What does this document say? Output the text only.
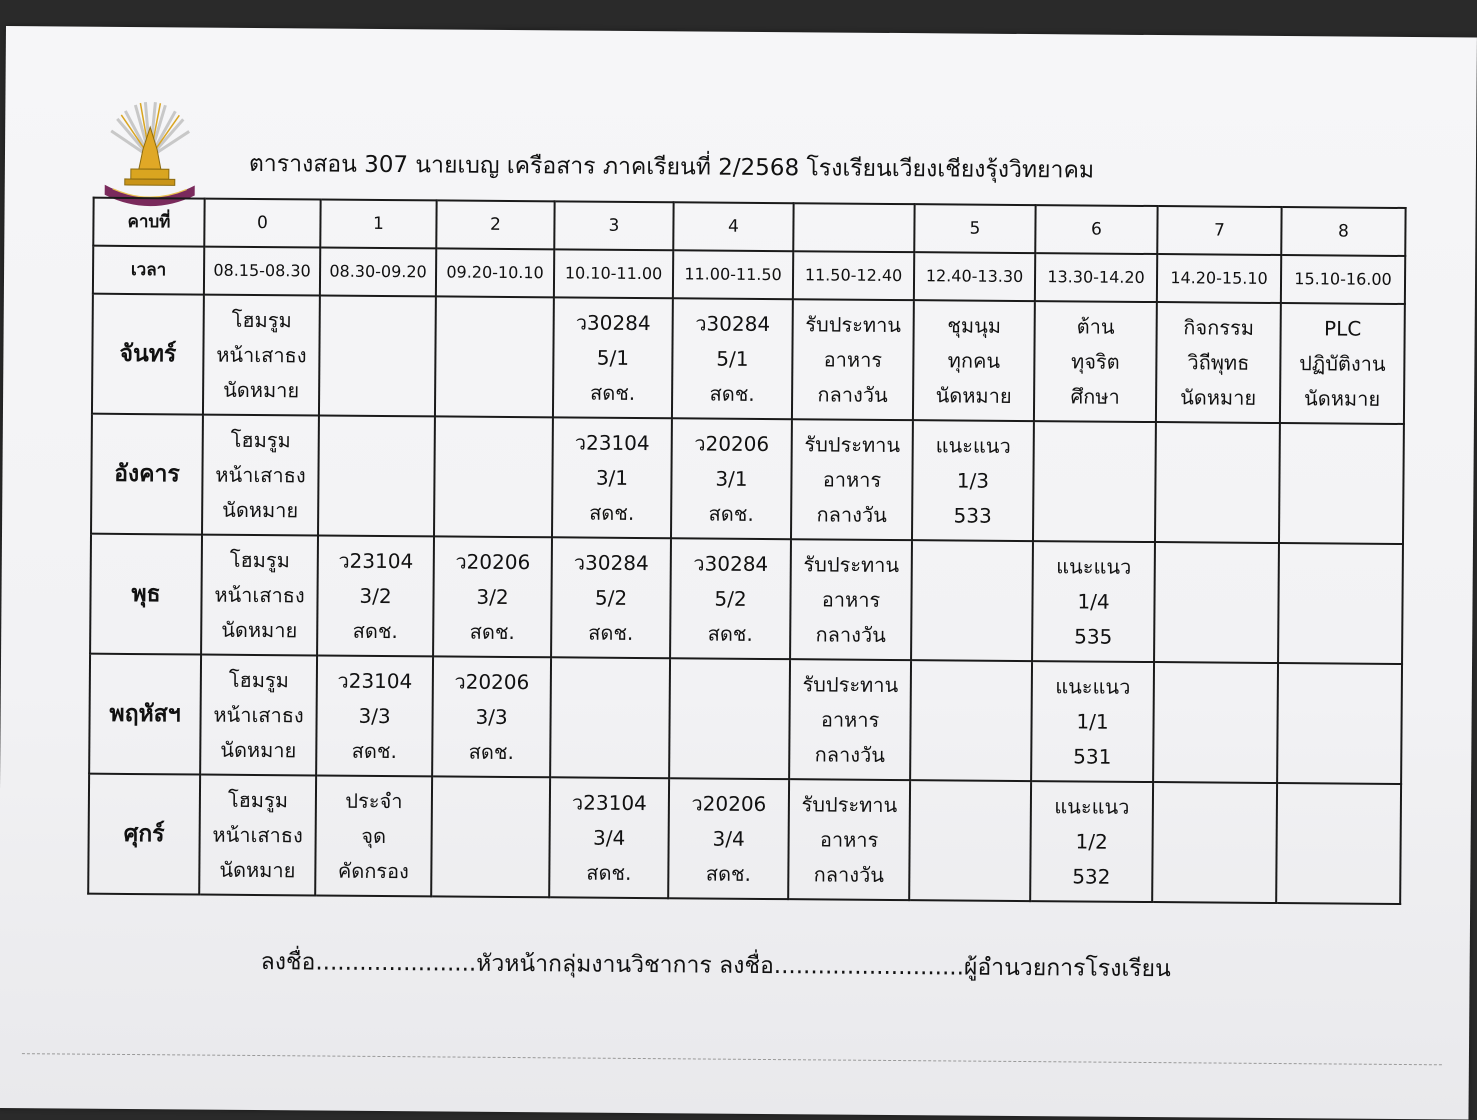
ตารางสอน 307 นายเบญ เครือสาร ภาคเรียนที่ 2/2568 โรงเรียนเวียงเชียงรุ้งวิทยาคม
คาบที่	0	1	2	3	4		5	6	7	8
เวลา	08.15-08.30	08.30-09.20	09.20-10.10	10.10-11.00	11.00-11.50	11.50-12.40	12.40-13.30	13.30-14.20	14.20-15.10	15.10-16.00
จันทร์	โฮมรูม
หน้าเสาธง
นัดหมาย			ว30284
5/1
สดช.	ว30284
5/1
สดช.	รับประทาน
อาหาร
กลางวัน	ชุมนุม
ทุกคน
นัดหมาย	ต้าน
ทุจริต
ศึกษา	กิจกรรม
วิถีพุทธ
นัดหมาย	PLC
ปฏิบัติงาน
นัดหมาย
อังคาร	โฮมรูม
หน้าเสาธง
นัดหมาย			ว23104
3/1
สดช.	ว20206
3/1
สดช.	รับประทาน
อาหาร
กลางวัน	แนะแนว
1/3
533			
พุธ	โฮมรูม
หน้าเสาธง
นัดหมาย	ว23104
3/2
สดช.	ว20206
3/2
สดช.	ว30284
5/2
สดช.	ว30284
5/2
สดช.	รับประทาน
อาหาร
กลางวัน		แนะแนว
1/4
535		
พฤหัสฯ	โฮมรูม
หน้าเสาธง
นัดหมาย	ว23104
3/3
สดช.	ว20206
3/3
สดช.			รับประทาน
อาหาร
กลางวัน		แนะแนว
1/1
531		
ศุกร์	โฮมรูม
หน้าเสาธง
นัดหมาย	ประจำ
จุด
คัดกรอง		ว23104
3/4
สดช.	ว20206
3/4
สดช.	รับประทาน
อาหาร
กลางวัน		แนะแนว
1/2
532		
ลงชื่อ......................หัวหน้ากลุ่มงานวิชาการ ลงชื่อ..........................ผู้อำนวยการโรงเรียน
